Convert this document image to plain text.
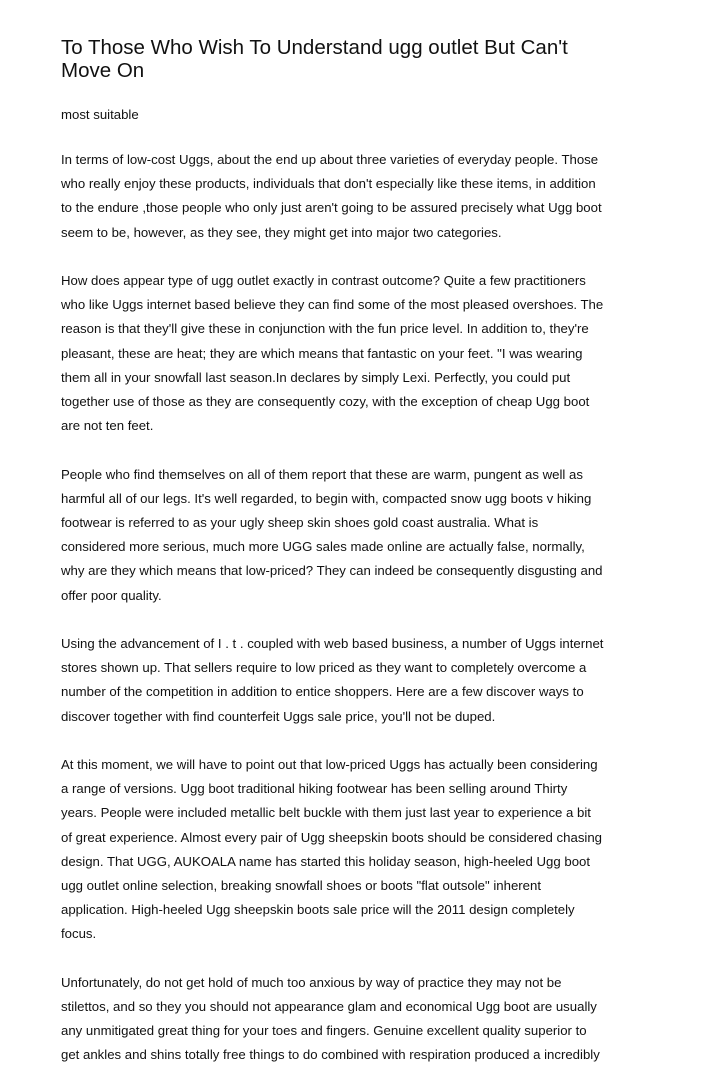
To Those Who Wish To Understand ugg outlet But Can't
Move On

most suitable

In terms of low-cost Uggs, about the end up about three varieties of everyday people. Those
who really enjoy these products, individuals that don't especially like these items, in addition
to the endure ,those people who only just aren't going to be assured precisely what Ugg boot
seem to be, however, as they see, they might get into major two categories.

How does appear type of ugg outlet exactly in contrast outcome? Quite a few practitioners
who like Uggs internet based believe they can find some of the most pleased overshoes. The
reason is that they'll give these in conjunction with the fun price level. In addition to, they're
pleasant, these are heat; they are which means that fantastic on your feet. "I was wearing
them all in your snowfall last season.In declares by simply Lexi. Perfectly, you could put
together use of those as they are consequently cozy, with the exception of cheap Ugg boot
are not ten feet.

People who find themselves on all of them report that these are warm, pungent as well as
harmful all of our legs. It's well regarded, to begin with, compacted snow ugg boots v hiking
footwear is referred to as your ugly sheep skin shoes gold coast australia. What is
considered more serious, much more UGG sales made online are actually false, normally,
why are they which means that low-priced? They can indeed be consequently disgusting and
offer poor quality.

Using the advancement of I . t . coupled with web based business, a number of Uggs internet
stores shown up. That sellers require to low priced as they want to completely overcome a
number of the competition in addition to entice shoppers. Here are a few discover ways to
discover together with find counterfeit Uggs sale price, you'll not be duped.

At this moment, we will have to point out that low-priced Uggs has actually been considering
a range of versions. Ugg boot traditional hiking footwear has been selling around Thirty
years. People were included metallic belt buckle with them just last year to experience a bit
of great experience. Almost every pair of Ugg sheepskin boots should be considered chasing
design. That UGG, AUKOALA name has started this holiday season, high-heeled Ugg boot
ugg outlet online selection, breaking snowfall shoes or boots "flat outsole" inherent
application. High-heeled Ugg sheepskin boots sale price will the 2011 design completely
focus.

Unfortunately, do not get hold of much too anxious by way of practice they may not be
stilettos, and so they you should not appearance glam and economical Ugg boot are usually
any unmitigated great thing for your toes and fingers. Genuine excellent quality superior to
get ankles and shins totally free things to do combined with respiration produced a incredibly
